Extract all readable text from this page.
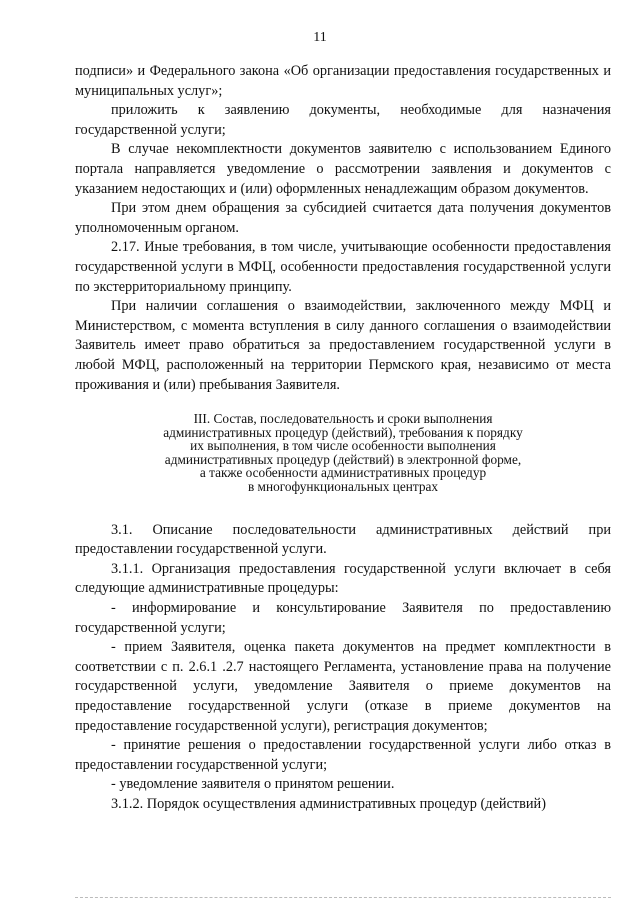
11

подписи» и Федерального закона «Об организации предоставления государственных и муниципальных услуг»;

приложить к заявлению документы, необходимые для назначения государственной услуги;

В случае некомплектности документов заявителю с использованием Единого портала направляется уведомление о рассмотрении заявления и документов с указанием недостающих и (или) оформленных ненадлежащим образом документов.

При этом днем обращения за субсидией считается дата получения документов уполномоченным органом.

2.17. Иные требования, в том числе, учитывающие особенности предоставления государственной услуги в МФЦ, особенности предоставления государственной услуги по экстерриториальному принципу.

При наличии соглашения о взаимодействии, заключенного между МФЦ и Министерством, с момента вступления в силу данного соглашения о взаимодействии Заявитель имеет право обратиться за предоставлением государственной услуги в любой МФЦ, расположенный на территории Пермского края, независимо от места проживания и (или) пребывания Заявителя.

III. Состав, последовательность и сроки выполнения
административных процедур (действий), требования к порядку
их выполнения, в том числе особенности выполнения
административных процедур (действий) в электронной форме,
а также особенности административных процедур
в многофункциональных центрах

3.1. Описание последовательности административных действий при предоставлении государственной услуги.

3.1.1. Организация предоставления государственной услуги включает в себя следующие административные процедуры:

- информирование и консультирование Заявителя по предоставлению государственной услуги;

- прием Заявителя, оценка пакета документов на предмет комплектности в соответствии с п. 2.6.1 .2.7 настоящего Регламента, установление права на получение государственной услуги, уведомление Заявителя о приеме документов на предоставление государственной услуги (отказе в приеме документов на предоставление государственной услуги), регистрация документов;

- принятие решения о предоставлении государственной услуги либо отказ в предоставлении государственной услуги;

- уведомление заявителя о принятом решении.

3.1.2. Порядок осуществления административных процедур (действий)
